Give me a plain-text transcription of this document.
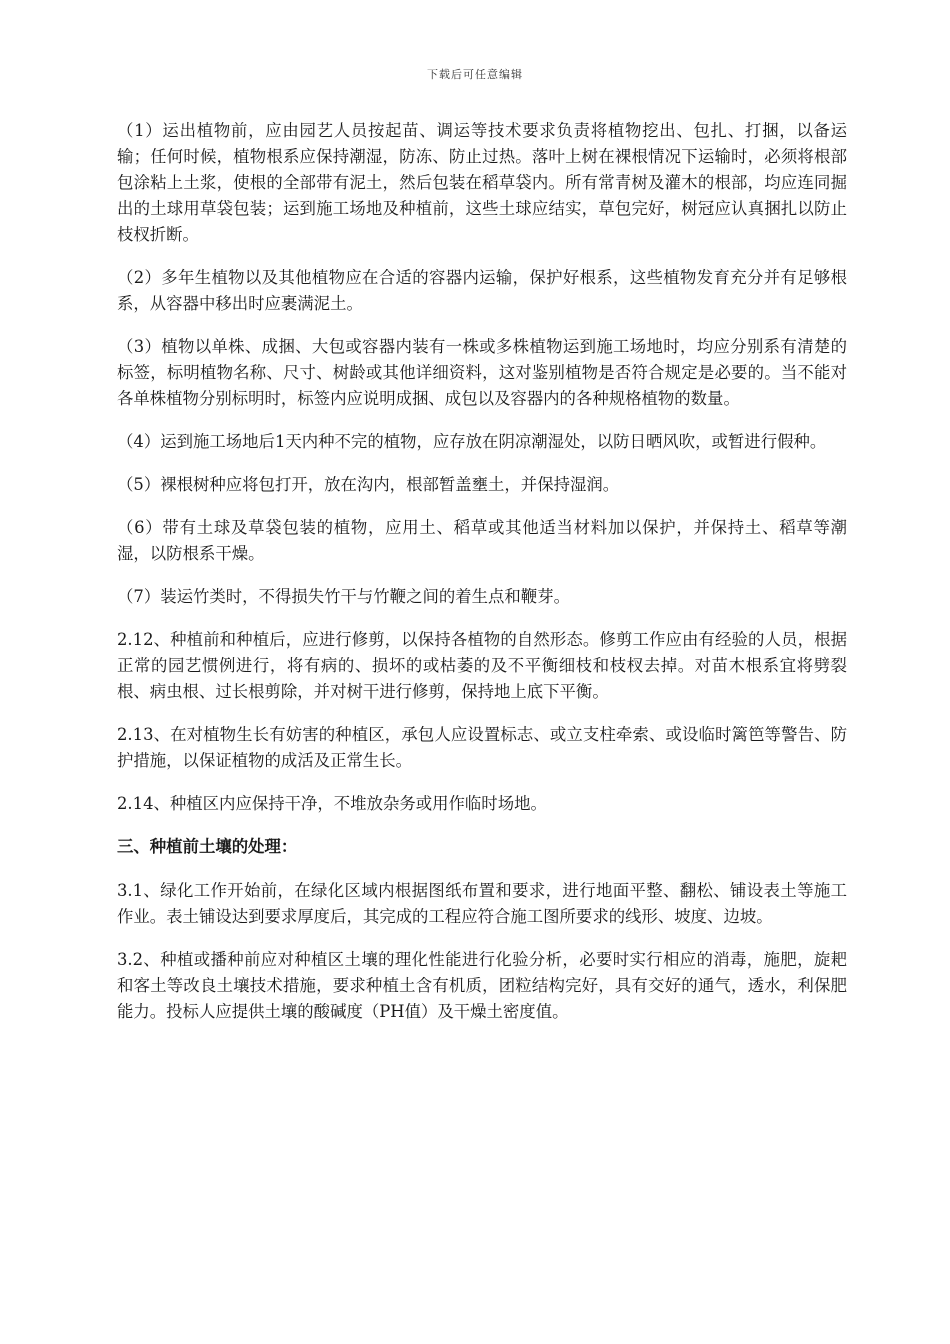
下载后可任意编辑

（1）运出植物前，应由园艺人员按起苗、调运等技术要求负责将植物挖出、包扎、打捆，以备运输；任何时候，植物根系应保持潮湿，防冻、防止过热。落叶上树在裸根情况下运输时，必须将根部包涂粘上土浆，使根的全部带有泥土，然后包装在稻草袋内。所有常青树及灌木的根部，均应连同掘出的土球用草袋包装；运到施工场地及种植前，这些土球应结实，草包完好，树冠应认真捆扎以防止枝杈折断。

（2）多年生植物以及其他植物应在合适的容器内运输，保护好根系，这些植物发育充分并有足够根系，从容器中移出时应裹满泥土。

（3）植物以单株、成捆、大包或容器内装有一株或多株植物运到施工场地时，均应分别系有清楚的标签，标明植物名称、尺寸、树龄或其他详细资料，这对鉴别植物是否符合规定是必要的。当不能对各单株植物分别标明时，标签内应说明成捆、成包以及容器内的各种规格植物的数量。

（4）运到施工场地后1天内种不完的植物，应存放在阴凉潮湿处，以防日晒风吹，或暂进行假种。

（5）裸根树种应将包打开，放在沟内，根部暂盖壅土，并保持湿润。

（6）带有土球及草袋包装的植物，应用土、稻草或其他适当材料加以保护，并保持土、稻草等潮湿，以防根系干燥。

（7）装运竹类时，不得损失竹干与竹鞭之间的着生点和鞭芽。

2.12、种植前和种植后，应进行修剪，以保持各植物的自然形态。修剪工作应由有经验的人员，根据正常的园艺惯例进行，将有病的、损坏的或枯萎的及不平衡细枝和枝杈去掉。对苗木根系宜将劈裂根、病虫根、过长根剪除，并对树干进行修剪，保持地上底下平衡。

2.13、在对植物生长有妨害的种植区，承包人应设置标志、或立支柱牵索、或设临时篱笆等警告、防护措施，以保证植物的成活及正常生长。

2.14、种植区内应保持干净，不堆放杂务或用作临时场地。

三、种植前土壤的处理：

3.1、绿化工作开始前，在绿化区域内根据图纸布置和要求，进行地面平整、翻松、铺设表土等施工作业。表土铺设达到要求厚度后，其完成的工程应符合施工图所要求的线形、坡度、边坡。

3.2、种植或播种前应对种植区土壤的理化性能进行化验分析，必要时实行相应的消毒，施肥，旋耙和客土等改良土壤技术措施，要求种植土含有机质，团粒结构完好，具有交好的通气，透水，利保肥能力。投标人应提供土壤的酸碱度（PH值）及干燥土密度值。
